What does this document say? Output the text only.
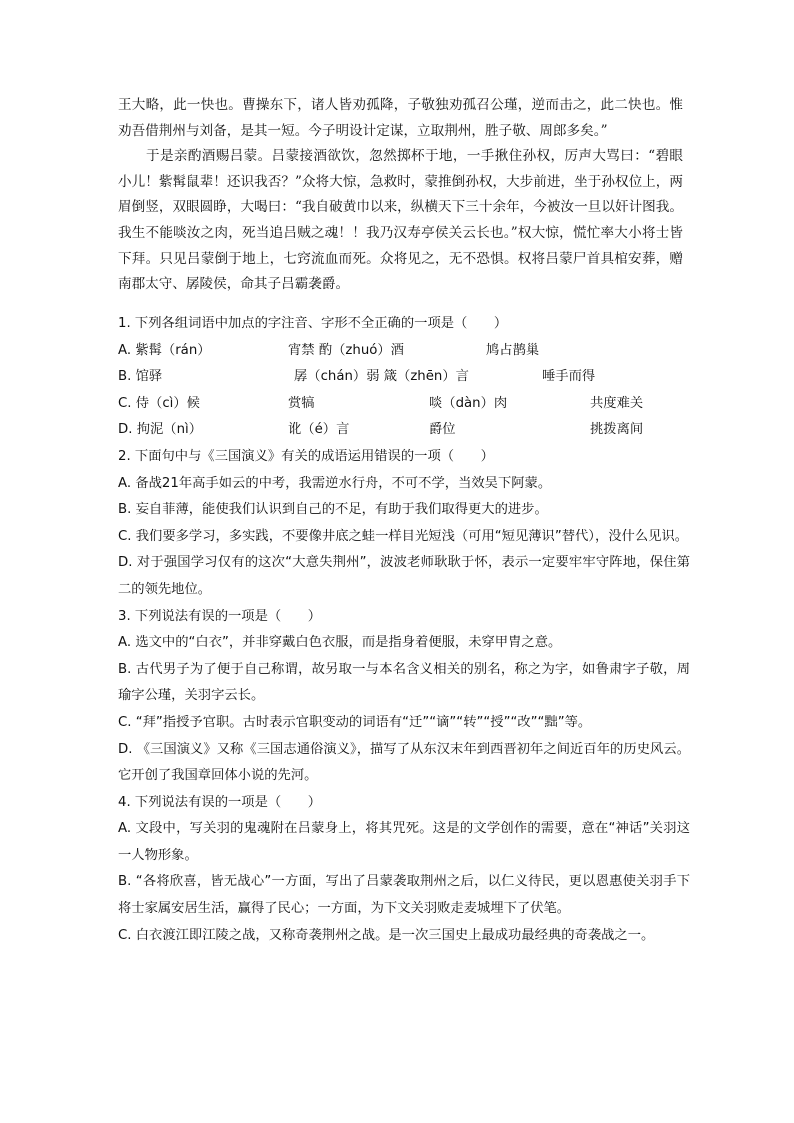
王大略，此一快也。曹操东下，诸人皆劝孤降，子敬独劝孤召公瑾，逆而击之，此二快也。惟劝吾借荆州与刘备，是其一短。今子明设计定谋，立取荆州，胜子敬、周郎多矣。”

于是亲酌酒赐吕蒙。吕蒙接酒欲饮，忽然掷杯于地，一手揪住孙权，厉声大骂曰：“碧眼小儿！紫髯鼠辈！还识我否？”众将大惊，急救时，蒙推倒孙权，大步前进，坐于孙权位上，两眉倒竖，双眼圆睁，大喝曰：“我自破黄巾以来，纵横天下三十余年，今被汝一旦以奸计图我。我生不能啖汝之肉，死当追吕贼之魂！！我乃汉寿亭侯关云长也。”权大惊，慌忙率大小将士皆下拜。只见吕蒙倒于地上，七窍流血而死。众将见之，无不恐惧。权将吕蒙尸首具棺安葬，赠南郡太守、孱陵侯，命其子吕霸袭爵。

1. 下列各组词语中加点的字注音、字形不全正确的一项是（　　）
A. 紫髯（rán）	宵禁 酌（zhuó）酒	鸠占鹊巢
B. 馆驿	孱（chán）弱 箴（zhēn）言	唾手而得
C. 侍（cì）候	赏犒	啖（dàn）肉	共度难关
D. 拘泥（nì）	讹（é）言	爵位	挑拨离间
2. 下面句中与《三国演义》有关的成语运用错误的一项（　　）
A. 备战21年高手如云的中考，我需逆水行舟，不可不学，当效吴下阿蒙。
B. 妄自菲薄，能使我们认识到自己的不足，有助于我们取得更大的进步。
C. 我们要多学习，多实践，不要像井底之蛙一样目光短浅（可用“短见薄识”替代），没什么见识。
D. 对于强国学习仅有的这次“大意失荆州”，波波老师耿耿于怀，表示一定要牢牢守阵地，保住第二的领先地位。
3. 下列说法有误的一项是（　　）
A. 选文中的“白衣”，并非穿戴白色衣服，而是指身着便服，未穿甲胄之意。
B. 古代男子为了便于自己称谓，故另取一与本名含义相关的别名，称之为字，如鲁肃字子敬，周瑜字公瑾，关羽字云长。
C. “拜”指授予官职。古时表示官职变动的词语有“迁”“谪”“转”“授”“改”“黜”等。
D. 《三国演义》又称《三国志通俗演义》，描写了从东汉末年到西晋初年之间近百年的历史风云。它开创了我国章回体小说的先河。
4. 下列说法有误的一项是（　　）
A. 文段中，写关羽的鬼魂附在吕蒙身上，将其咒死。这是的文学创作的需要，意在“神话”关羽这一人物形象。
B. “各将欣喜，皆无战心”一方面，写出了吕蒙袭取荆州之后，以仁义待民，更以恩惠使关羽手下将士家属安居生活，赢得了民心；一方面，为下文关羽败走麦城埋下了伏笔。
C. 白衣渡江即江陵之战，又称奇袭荆州之战。是一次三国史上最成功最经典的奇袭战之一。
